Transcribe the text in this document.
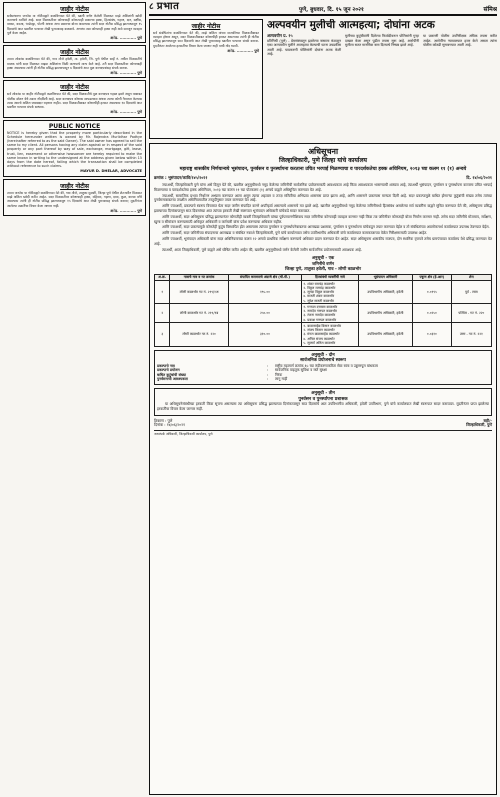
जाहीर नोटीस
सर्वसाधारण जनतेस या नोटीसद्वारे कळविण्यात येते की, खाली वर्णन केलेली मिळकत माझे अशिलांनी खरेदी करण्याचे ठरविले आहे. सदर मिळकतीवर कोणाचाही कोणत्याही प्रकारचा हक्क, हितसंबंध, गहाण, दान, बक्षीस, वारसा, कब्जा, भाडेपट्टा, पोटगी अथवा अन्य प्रकारचा बोजा असल्यास त्यांनी सदर नोटीस प्रसिद्ध झाल्यापासून १५ दिवसांचे आत खालील पत्त्यावर लेखी पुराव्यासह कळवावे. अन्यथा तसा कोणताही हक्क नाही असे समजून व्यवहार पूर्ण केला जाईल.
अॅड. ............ पुणे
जाहीर नोटीस
तमाम लोकांस कळविण्यात येते की, गाव मौजे हवेली, ता. हवेली, जि. पुणे येथील सर्व्हे नं. मधील मिळकतीचे मालक यांनी सदर मिळकत माझ्या अशिलांना विक्री करण्याचे मान्य केले आहे. तरी सदर मिळकतीवर कोणाचाही हक्क असल्यास त्यांनी ही नोटीस प्रसिद्ध झाल्यापासून ७ दिवसांचे आत मूळ कागदपत्रांसह संपर्क करावा.
अॅड. ............ पुणे
जाहीर नोटीस
सर्व लोकांस या जाहीर नोटीसद्वारे कळविण्यात येते की, सदर मिळकतीचे मूळ कागदपत्र गहाळ झाले असून याबाबत पोलीस स्टेशन येथे तक्रार नोंदविली आहे. सदर कागदपत्र कोणास सापडल्यास अथवा त्याचा कोणी गैरवापर केल्यास त्यास आमचे अशिल जबाबदार राहणार नाहीत. सदर मिळकतीबाबत कोणाचीही हरकत असल्यास १४ दिवसांचे आत खालील पत्त्यावर संपर्क साधावा.
अॅड. ............ पुणे
PUBLIC NOTICE
NOTICE is hereby given that the property more particularly described in the Schedule hereunder written is owned by Mr. Rajendra Murlidhar Padhye (hereinafter referred to as the said Owner). The said owner has agreed to sell the same to my client. All persons having any claim against or in respect of the said property or any part thereof by way of sale, exchange, mortgage, gift, lease, trust, lien, easement or otherwise howsoever are hereby required to make the same known in writing to the undersigned at the address given below within 15 days from the date hereof, failing which the transaction shall be completed without reference to such claims.
MAYUR D. DHELAR, ADVOCATE
जाहीर नोटीस
तमाम जनतेस या नोटीसद्वारे कळविण्यात येते की, गाव मौजे, तालुका मुळशी, जिल्हा पुणे येथील शेतजमीन मिळकत माझे अशिल खरेदी करीत आहेत. सदर मिळकतीवर कोणाचाही हक्क, वहिवाट, गहाण, दावा, कूळ, वारसा वगैरे असल्यास त्यांनी ही नोटीस प्रसिद्ध झाल्यापासून १५ दिवसांचे आत लेखी पुराव्यासह संपर्क करावा; मुदतीनंतर आलेल्या तक्रारींचा विचार केला जाणार नाही.
अॅड. ............ पुणे
८ प्रभात	पुणे, बुधवार, दि. १५ जून २०२१	संमिश्र
जाहीर नोटीस
सर्व संबंधितांना कळविण्यात येते की, माझे अशिल यांच्या मालकीच्या मिळकतीबाबत व्यवहार होणार असून, सदर मिळकतीबाबत कोणाचीही हरकत असल्यास त्यांनी ही नोटीस प्रसिद्ध झाल्यापासून सात दिवसांचे आत लेखी पुराव्यासह खालील पत्त्यावर संपर्क करावा. मुदतीनंतर आलेल्या हरकतींचा विचार केला जाणार नाही याची नोंद घ्यावी.
अॅड. ............ पुणे
अल्पवयीन मुलीची आत्महत्या; दोघांना अटक
अल्पवयीन प्र. १५
प्रतिनिधी (पुणे) - प्रेमसंबंधातून झालेल्या त्रासाला कंटाळून एका अल्पवयीन मुलीने आत्महत्या केल्याची घटना उघडकीस आली आहे. याप्रकरणी पोलिसांनी दोघांना अटक केली आहे.
मुलीच्या कुटुंबीयांनी दिलेल्या फिर्यादीवरून पोलिसांनी गुन्हा दाखल केला असून पुढील तपास सुरू आहे. आरोपींनी मुलीला सतत मानसिक त्रास दिल्याचे निष्पन्न झाले आहे.
या प्रकरणी पोलीस उपनिरीक्षक अधिक तपास करीत आहेत. आरोपींना न्यायालयात हजर केले असता त्यांना पोलीस कोठडी सुनावण्यात आली आहे.
अधिसूचना
जिल्हाधिकारी, पुणे जिल्हा यांचे कार्यालय
महाराष्ट्र शासकीय निर्णयान्वये भूसंपादन, पुनर्वसन व पुनर्स्थापना करताना उचित भरपाई मिळण्याचा व पारदर्शकतेचा हक्क अधिनियम, २०१३ च्या कलम ११ (१) अन्वये
क्रमांक : भूसंपादन/कावि/१४५/२०२१	दि. १४/०६/२०२१

ज्याअर्थी, जिल्हाधिकारी पुणे यांना असे दिसून येते की, खालील अनुसूचीमध्ये नमूद केलेल्या जमिनीची सार्वजनिक प्रयोजनासाठी आवश्यकता आहे किंवा आवश्यकता भासण्याची शक्यता आहे, त्याअर्थी भूसंपादन, पुनर्वसन व पुनर्स्थापना करताना उचित भरपाई मिळण्याचा व पारदर्शकतेचा हक्क अधिनियम, २०१३ च्या कलम ११ च्या पोटकलम (१) अन्वये याद्वारे अधिसूचित करण्यात येत आहे.

ज्याअर्थी, सामाजिक प्रभाव निर्धारण अभ्यास करण्यात आला असून त्याचा अहवाल व तज्ज्ञ समितीचा अभिप्राय शासनास प्राप्त झाला आहे, आणि शासनाने प्रकल्पास मान्यता दिली आहे. सदर प्रकल्पामुळे बाधित होणाऱ्या कुटुंबांची संख्या तसेच त्यांच्या पुनर्वसनाबाबतचा तपशील अधिनियमातील तरतुदीनुसार तयार करण्यात येत आहे.

आणि ज्याअर्थी, प्रकल्पाचे स्वरूप विचारात घेता सदर जमीन संपादित करणे अपरिहार्य असल्याचे शासनाचे मत झाले आहे. खालील अनुसूचीमध्ये नमूद केलेल्या जमिनीमध्ये हितसंबंध असलेल्या सर्व व्यक्तींना याद्वारे सूचित करण्यात येते की, अधिसूचना प्रसिद्ध झाल्याच्या दिनांकापासून साठ दिवसांच्या आत त्यांच्या हरकती लेखी स्वरूपात भूसंपादन अधिकारी यांचेकडे सादर कराव्यात.

आणि ज्याअर्थी, सदर अधिसूचना प्रसिद्ध झाल्यानंतर कोणतीही व्यक्ती जिल्हाधिकारी यांच्या पूर्वपरवानगीशिवाय सदर जमिनीचा कोणताही व्यवहार करणार नाही किंवा त्या जमिनीवर कोणताही बोजा निर्माण करणार नाही. तसेच सदर जमिनीचे मोजमाप, सर्वेक्षण, खुणा व सीमांकन करण्यासाठी अधिकृत अधिकारी व कर्मचारी यांना प्रवेश करण्याचा अधिकार राहील.

आणि ज्याअर्थी, सदर प्रकल्पामुळे कोणतेही कुटुंब विस्थापित होत असल्यास त्यांच्या पुनर्वसन व पुनर्स्थापनेबाबतचा आराखडा प्रशासक, पुनर्वसन व पुनर्स्थापना यांचेकडून तयार करण्यात येईल व तो संबंधितांच्या अवलोकनार्थ कार्यालयात उपलब्ध ठेवण्यात येईल.

आणि ज्याअर्थी, सदर जमिनीच्या संपादनाचा आराखडा व संबंधित नकाशे जिल्हाधिकारी, पुणे यांचे कार्यालयात तसेच उपविभागीय अधिकारी यांचे कार्यालयात कामकाजाच्या वेळेत निरीक्षणासाठी उपलब्ध आहेत.

आणि ज्याअर्थी, भूसंपादन अधिकारी यांना सदर अधिनियमाच्या कलम १२ अन्वये प्राथमिक सर्वेक्षण करण्याचे अधिकार प्रदान करण्यात येत आहेत. सदर अधिसूचना शासकीय राजपत्र, दोन स्थानिक वृत्तपत्रे तसेच ग्रामपंचायत कार्यालय येथे प्रसिद्ध करण्यात येत आहे.

त्याअर्थी, आता जिल्हाधिकारी, पुणे याद्वारे असे घोषित करीत आहेत की, खालील अनुसूचीमध्ये वर्णन केलेली जमीन सार्वजनिक प्रयोजनासाठी आवश्यक आहे.

अनुसूची - एक
जमिनीचे वर्णन
जिल्हा पुणे, तालुका हवेली, गाव - लोणी काळभोर
अ.क्र.	गावाचे नाव व गट क्रमांक	संपादित करावयाचे अंदाजे क्षेत्र (चौ.मी.)	हितसंबंधी व्यक्तींची नावे	भूसंपादन अधिकारी	एकूण क्षेत्र (हे.आर)	शेरा
१	लोणी काळभोर गट नं. २१९/१अ	१९५.००	१. शंकर रामचंद्र काळभोर
२. विठ्ठल रामचंद्र काळभोर
३. सुनंदा विठ्ठल काळभोर
४. मारुती शंकर काळभोर
५. सुरेश मारुती काळभोर	उपविभागीय अधिकारी, हवेली	०.०१९५	पूर्व - रस्ता
२	लोणी काळभोर गट नं. २१९/१ब	२५०.००	१. गणपत दत्तात्रय काळभोर
२. नामदेव गणपत काळभोर
३. रंजना नामदेव काळभोर
४. प्रकाश गणपत काळभोर	उपविभागीय अधिकारी, हवेली	०.०२५०	पश्चिम - गट नं. २२०
३	लोणी काळभोर गट नं. २२०	३१०.००	१. बाळासाहेब किसन काळभोर
२. संजय किसन काळभोर
३. मंगल बाळासाहेब काळभोर
४. अनिल संजय काळभोर
५. सुवर्णा अनिल काळभोर	उपविभागीय अधिकारी, हवेली	०.०३१०	उत्तर - गट नं. २२१
अनुसूची - दोन
सार्वजनिक प्रयोजनाचे स्वरूप
प्रकल्पाचे नाव	:	राष्ट्रीय महामार्ग क्रमांक ६५ च्या रुंदीकरणाकरिता सेवा रस्ता व उड्डाणपूल बांधकाम
प्रकल्पाचे प्रयोजन	:	सार्वजनिक वाहतूक सुविधा व रस्ते सुरक्षा
बाधित कुटुंबांची संख्या	:	निरंक
पुनर्वसनाची आवश्यकता	:	लागू नाही
अनुसूची - तीन
पुनर्वसन व पुनर्स्थापना प्रशासक

या अधिसूचनेसंबंधीच्या हरकती किंवा सूचना असल्यास त्या अधिसूचना प्रसिद्ध झाल्याच्या दिनांकापासून साठ दिवसांचे आत उपविभागीय अधिकारी, हवेली उपविभाग, पुणे यांचे कार्यालयात लेखी स्वरूपात सादर कराव्यात. मुदतीनंतर प्राप्त झालेल्या हरकतींचा विचार केला जाणार नाही.

ठिकाण : पुणे
दिनांक : १४/०६/२०२१
सही/-
जिल्हाधिकारी, पुणे
जनसंपर्क अधिकारी, जिल्हाधिकारी कार्यालय, पुणे
